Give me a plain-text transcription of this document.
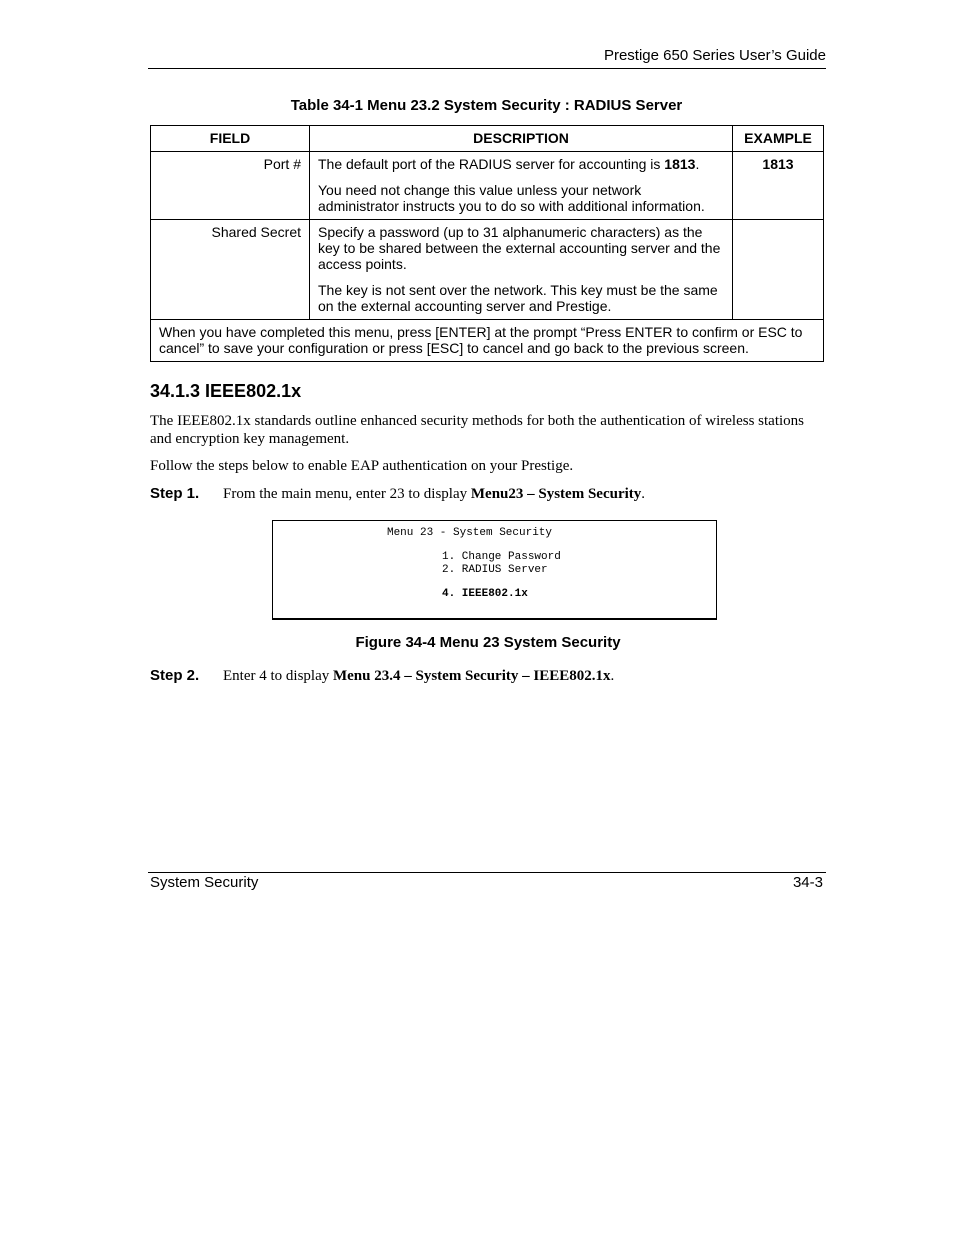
Prestige 650 Series User’s Guide
Table 34-1 Menu 23.2 System Security : RADIUS Server
FIELD	DESCRIPTION	EXAMPLE
Port #	The default port of the RADIUS server for accounting is 1813.

You need not change this value unless your network administrator instructs you to do so with additional information.	1813
Shared Secret	Specify a password (up to 31 alphanumeric characters) as the key to be shared between the external accounting server and the access points.

The key is not sent over the network. This key must be the same on the external accounting server and Prestige.	

When you have completed this menu, press [ENTER] at the prompt “Press ENTER to confirm or ESC to cancel” to save your configuration or press [ESC] to cancel and go back to the previous screen.		
34.1.3 IEEE802.1x
The IEEE802.1x standards outline enhanced security methods for both the authentication of wireless stations and encryption key management.
Follow the steps below to enable EAP authentication on your Prestige.
Step 1. From the main menu, enter 23 to display Menu23 – System Security.
Menu 23 - System Security
1. Change Password
2. RADIUS Server
4. IEEE802.1x
Figure 34-4 Menu 23 System Security
Step 2. Enter 4 to display Menu 23.4 – System Security – IEEE802.1x.
System Security	34-3
